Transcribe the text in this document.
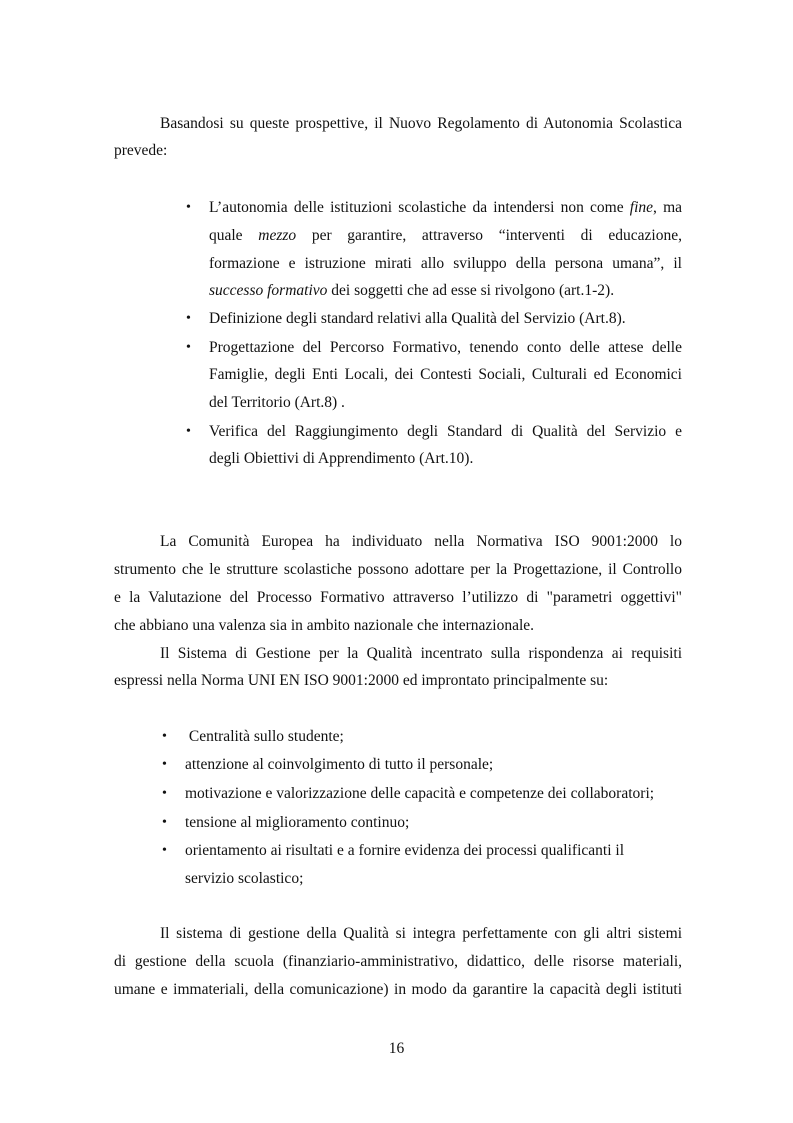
Basandosi su queste prospettive, il Nuovo Regolamento di Autonomia Scolastica
prevede:
• L’autonomia delle istituzioni scolastiche da intendersi non come fine, ma
quale mezzo per garantire, attraverso “interventi di educazione,
formazione e istruzione mirati allo sviluppo della persona umana”, il
successo formativo dei soggetti che ad esse si rivolgono (art.1-2).
• Definizione degli standard relativi alla Qualità del Servizio (Art.8).
• Progettazione del Percorso Formativo, tenendo conto delle attese delle
Famiglie, degli Enti Locali, dei Contesti Sociali, Culturali ed Economici
del Territorio (Art.8) .
• Verifica del Raggiungimento degli Standard di Qualità del Servizio e
degli Obiettivi di Apprendimento (Art.10).
La Comunità Europea ha individuato nella Normativa ISO 9001:2000 lo
strumento che le strutture scolastiche possono adottare per la Progettazione, il Controllo
e la Valutazione del Processo Formativo attraverso l’utilizzo di "parametri oggettivi"
che abbiano una valenza sia in ambito nazionale che internazionale.
Il Sistema di Gestione per la Qualità incentrato sulla rispondenza ai requisiti
espressi nella Norma UNI EN ISO 9001:2000 ed improntato principalmente su:
• Centralità sullo studente;
• attenzione al coinvolgimento di tutto il personale;
• motivazione e valorizzazione delle capacità e competenze dei collaboratori;
• tensione al miglioramento continuo;
• orientamento ai risultati e a fornire evidenza dei processi qualificanti il
servizio scolastico;
Il sistema di gestione della Qualità si integra perfettamente con gli altri sistemi
di gestione della scuola (finanziario-amministrativo, didattico, delle risorse materiali,
umane e immateriali, della comunicazione) in modo da garantire la capacità degli istituti
16
